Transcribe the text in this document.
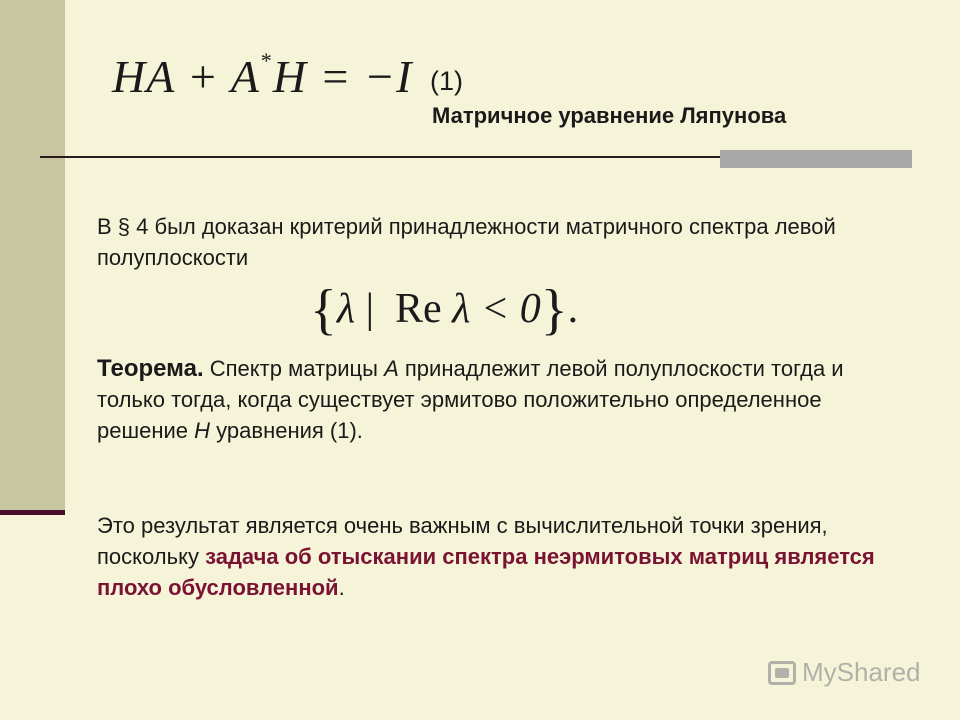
HA + A*H = −I (1)
Матричное уравнение Ляпунова

В § 4 был доказан критерий принадлежности матричного спектра левой полуплоскости

{λ | Re λ < 0}.

Теорема. Спектр матрицы A принадлежит левой полуплоскости тогда и только тогда, когда существует эрмитово положительно определенное решение H уравнения (1).

Это результат является очень важным с вычислительной точки зрения, поскольку задача об отыскании спектра неэрмитовых матриц является плохо обусловленной.

MyShared
